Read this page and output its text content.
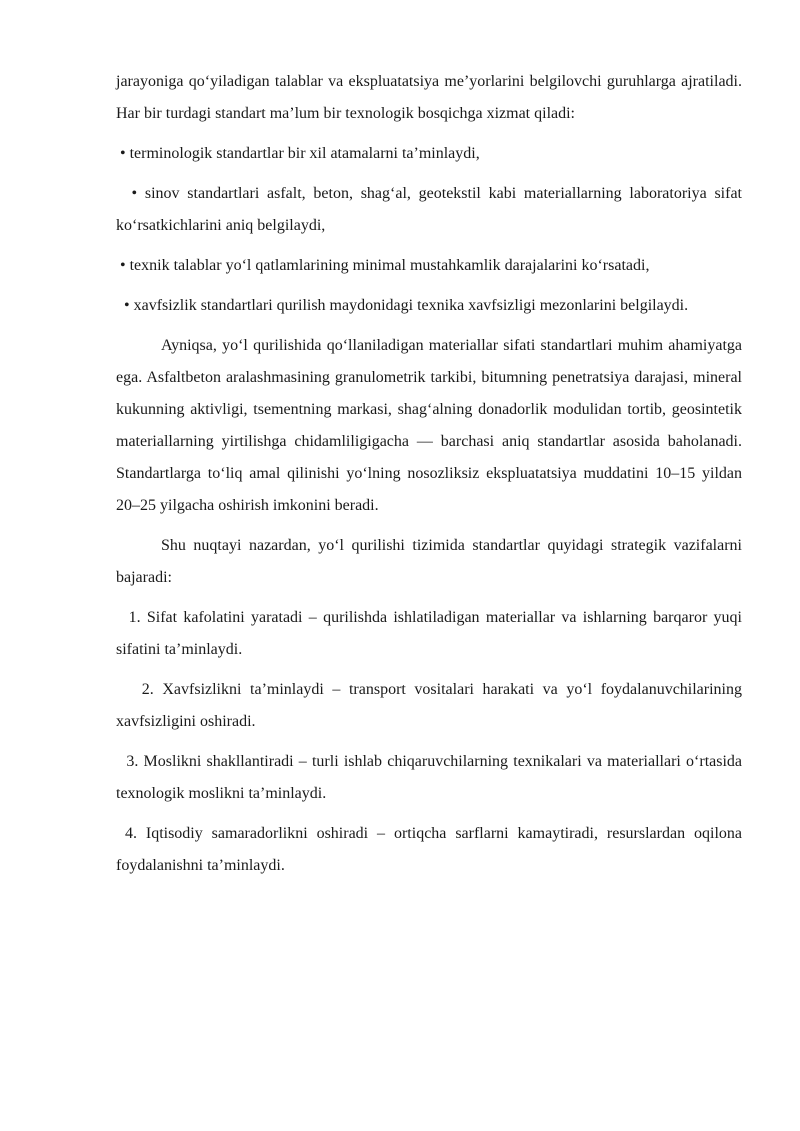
jarayoniga qo‘yiladigan talablar va ekspluatatsiya me’yorlarini belgilovchi guruhlarga ajratiladi. Har bir turdagi standart ma’lum bir texnologik bosqichga xizmat qiladi:

• terminologik standartlar bir xil atamalarni ta’minlaydi,

• sinov standartlari asfalt, beton, shag‘al, geotekstil kabi materiallarning laboratoriya sifat ko‘rsatkichlarini aniq belgilaydi,

• texnik talablar yo‘l qatlamlarining minimal mustahkamlik darajalarini ko‘rsatadi,

• xavfsizlik standartlari qurilish maydonidagi texnika xavfsizligi mezonlarini belgilaydi.

Ayniqsa, yo‘l qurilishida qo‘llaniladigan materiallar sifati standartlari muhim ahamiyatga ega. Asfaltbeton aralashmasining granulometrik tarkibi, bitumning penetratsiya darajasi, mineral kukunning aktivligi, tsementning markasi, shag‘alning donadorlik modulidan tortib, geosintetik materiallarning yirtilishga chidamliligigacha — barchasi aniq standartlar asosida baholanadi. Standartlarga to‘liq amal qilinishi yo‘lning nosozliksiz ekspluatatsiya muddatini 10–15 yildan 20–25 yilgacha oshirish imkonini beradi.

Shu nuqtayi nazardan, yo‘l qurilishi tizimida standartlar quyidagi strategik vazifalarni bajaradi:

1. Sifat kafolatini yaratadi – qurilishda ishlatiladigan materiallar va ishlarning barqaror yuqi sifatini ta’minlaydi.

2. Xavfsizlikni ta’minlaydi – transport vositalari harakati va yo‘l foydalanuvchilarining xavfsizligini oshiradi.

3. Moslikni shakllantiradi – turli ishlab chiqaruvchilarning texnikalari va materiallari o‘rtasida texnologik moslikni ta’minlaydi.

4. Iqtisodiy samaradorlikni oshiradi – ortiqcha sarflarni kamaytiradi, resurslardan oqilona foydalanishni ta’minlaydi.
